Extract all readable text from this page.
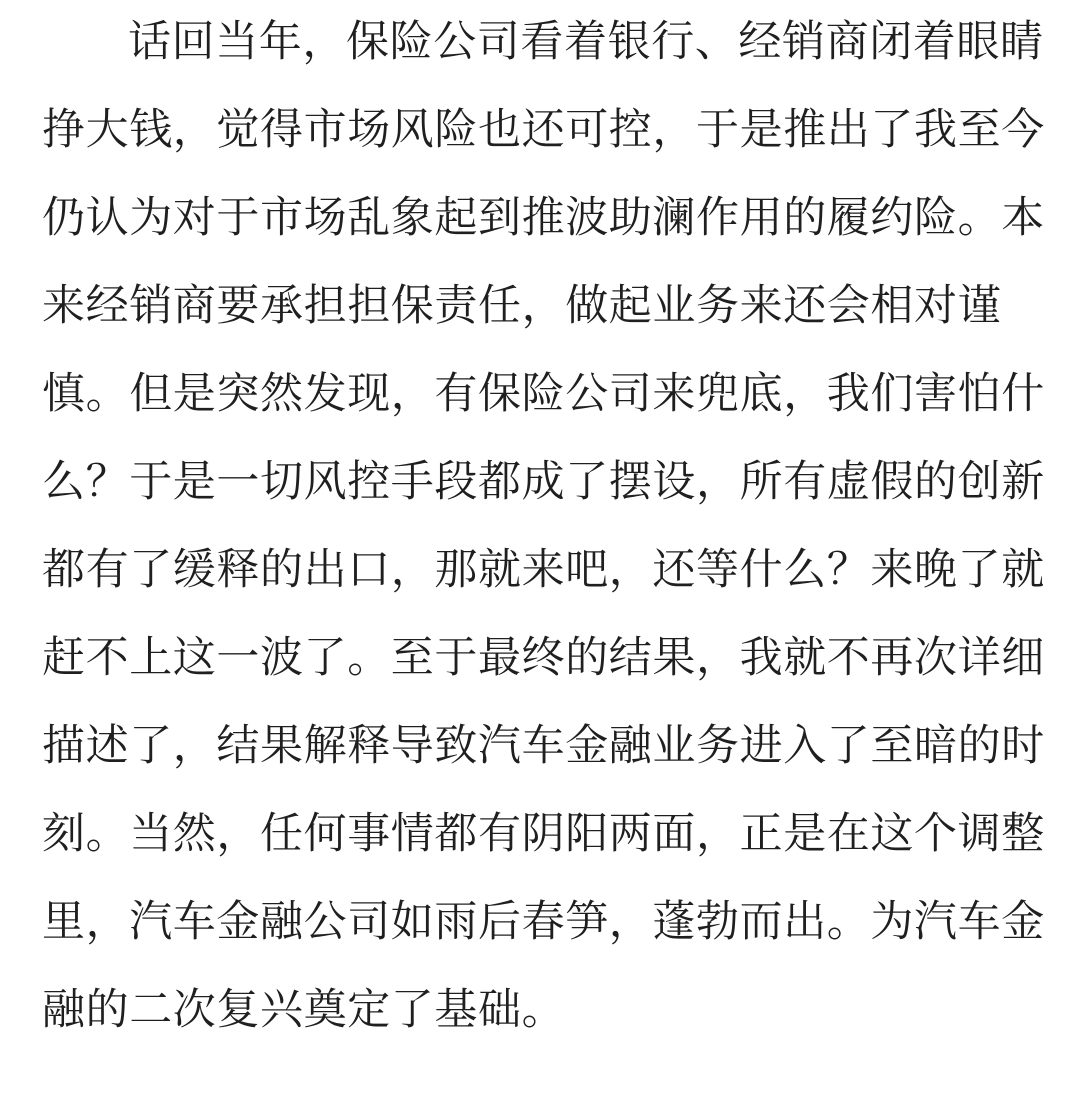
话回当年，保险公司看着银行、经销商闭着眼睛
挣大钱，觉得市场风险也还可控，于是推出了我至今
仍认为对于市场乱象起到推波助澜作用的履约险。本
来经销商要承担担保责任，做起业务来还会相对谨
慎。但是突然发现，有保险公司来兜底，我们害怕什
么？于是一切风控手段都成了摆设，所有虚假的创新
都有了缓释的出口，那就来吧，还等什么？来晚了就
赶不上这一波了。至于最终的结果，我就不再次详细
描述了，结果解释导致汽车金融业务进入了至暗的时
刻。当然，任何事情都有阴阳两面，正是在这个调整
里，汽车金融公司如雨后春笋，蓬勃而出。为汽车金
融的二次复兴奠定了基础。
